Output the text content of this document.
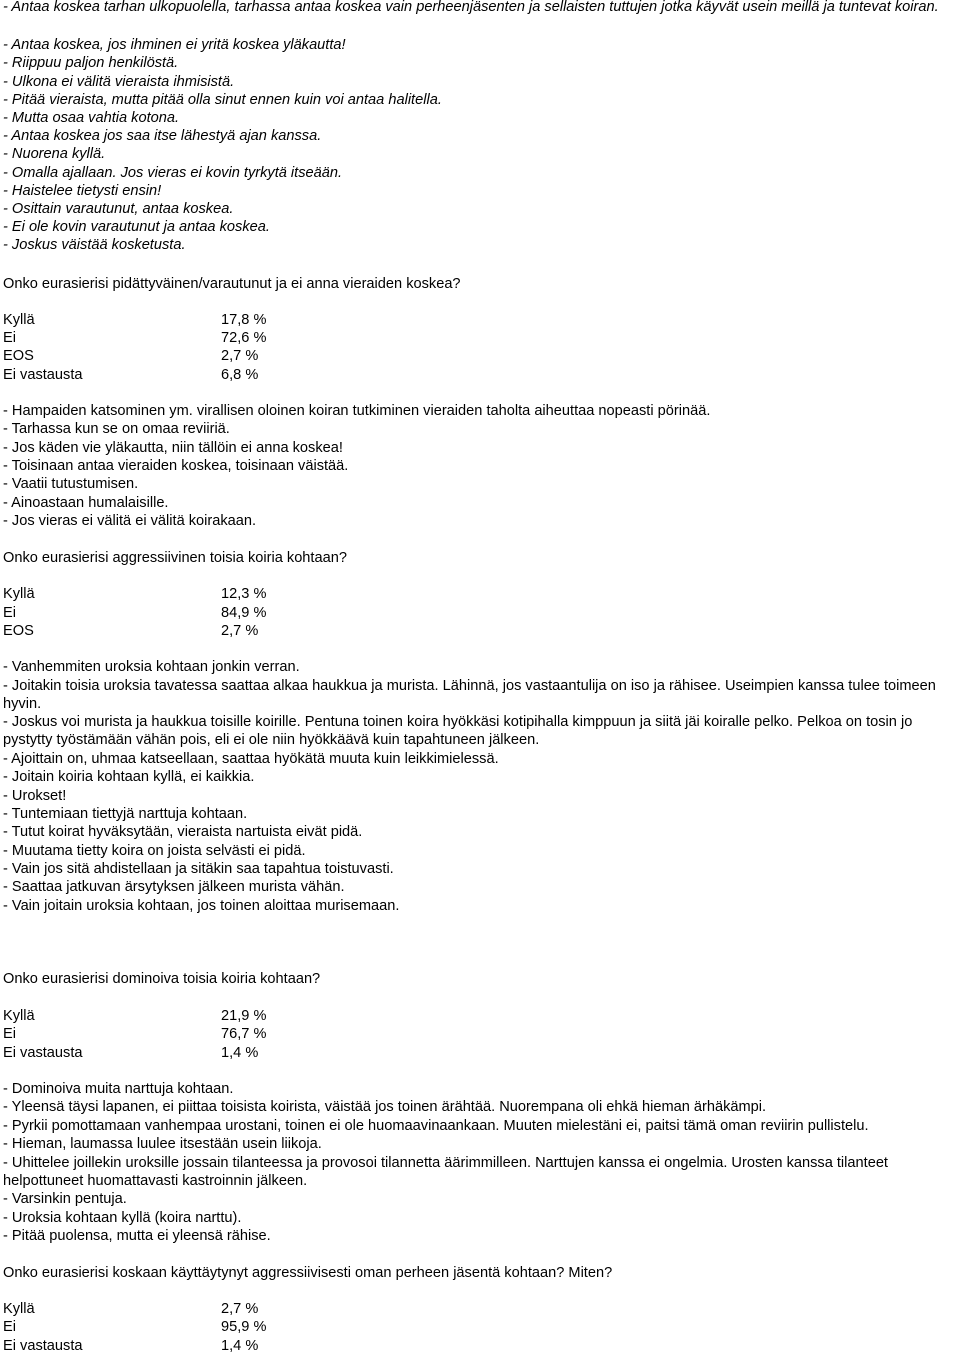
- Antaa koskea tarhan ulkopuolella, tarhassa antaa koskea vain perheenjäsenten ja sellaisten tuttujen jotka käyvät usein meillä ja tuntevat koiran.
- Antaa koskea, jos ihminen ei yritä koskea yläkautta!
- Riippuu paljon henkilöstä.
- Ulkona ei välitä vieraista ihmisistä.
- Pitää vieraista, mutta pitää olla sinut ennen kuin voi antaa halitella.
- Mutta osaa vahtia kotona.
- Antaa koskea jos saa itse lähestyä ajan kanssa.
- Nuorena kyllä.
- Omalla ajallaan. Jos vieras ei kovin tyrkytä itseään.
- Haistelee tietysti ensin!
- Osittain varautunut, antaa koskea.
- Ei ole kovin varautunut ja antaa koskea.
- Joskus väistää kosketusta.
Onko eurasierisi pidättyväinen/varautunut ja ei anna vieraiden koskea?
Kyllä	17,8 %
Ei	72,6 %
EOS	2,7 %
Ei vastausta	6,8 %
- Hampaiden katsominen ym. virallisen oloinen koiran tutkiminen vieraiden taholta aiheuttaa nopeasti pörinää.
- Tarhassa kun se on omaa reviiriä.
- Jos käden vie yläkautta, niin tällöin ei anna koskea!
- Toisinaan antaa vieraiden koskea, toisinaan väistää.
- Vaatii tutustumisen.
- Ainoastaan humalaisille.
- Jos vieras ei välitä ei välitä koirakaan.
Onko eurasierisi aggressiivinen toisia koiria kohtaan?
Kyllä	12,3 %
Ei	84,9 %
EOS	2,7 %
- Vanhemmiten uroksia kohtaan jonkin verran.
- Joitakin toisia uroksia tavatessa saattaa alkaa haukkua ja murista. Lähinnä, jos vastaantulija on iso ja rähisee. Useimpien kanssa tulee toimeen hyvin.
- Joskus voi murista ja haukkua toisille koirille. Pentuna toinen koira hyökkäsi kotipihalla kimppuun ja siitä jäi koiralle pelko. Pelkoa on tosin jo pystytty työstämään vähän pois, eli ei ole niin hyökkäävä kuin tapahtuneen jälkeen.
- Ajoittain on, uhmaa katseellaan, saattaa hyökätä muuta kuin leikkimielessä.
- Joitain koiria kohtaan kyllä, ei kaikkia.
- Urokset!
- Tuntemiaan tiettyjä narttuja kohtaan.
- Tutut koirat hyväksytään, vieraista nartuista eivät pidä.
- Muutama tietty koira on joista selvästi ei pidä.
- Vain jos sitä ahdistellaan ja sitäkin saa tapahtua toistuvasti.
- Saattaa jatkuvan ärsytyksen jälkeen murista vähän.
- Vain joitain uroksia kohtaan, jos toinen aloittaa murisemaan.
Onko eurasierisi dominoiva toisia koiria kohtaan?
Kyllä	21,9 %
Ei	76,7 %
Ei vastausta	1,4 %
- Dominoiva muita narttuja kohtaan.
- Yleensä täysi lapanen, ei piittaa toisista koirista, väistää jos toinen ärähtää. Nuorempana oli ehkä hieman ärhäkämpi.
- Pyrkii pomottamaan vanhempaa urostani, toinen ei ole huomaavinaankaan. Muuten mielestäni ei, paitsi tämä oman reviirin pullistelu.
- Hieman, laumassa luulee itsestään usein liikoja.
- Uhittelee joillekin uroksille jossain tilanteessa ja provosoi tilannetta äärimmilleen. Narttujen kanssa ei ongelmia. Urosten kanssa tilanteet helpottuneet huomattavasti kastroinnin jälkeen.
- Varsinkin pentuja.
- Uroksia kohtaan kyllä (koira narttu).
- Pitää puolensa, mutta ei yleensä rähise.
Onko eurasierisi koskaan käyttäytynyt aggressiivisesti oman perheen jäsentä kohtaan? Miten?
Kyllä	2,7 %
Ei	95,9 %
Ei vastausta	1,4 %
